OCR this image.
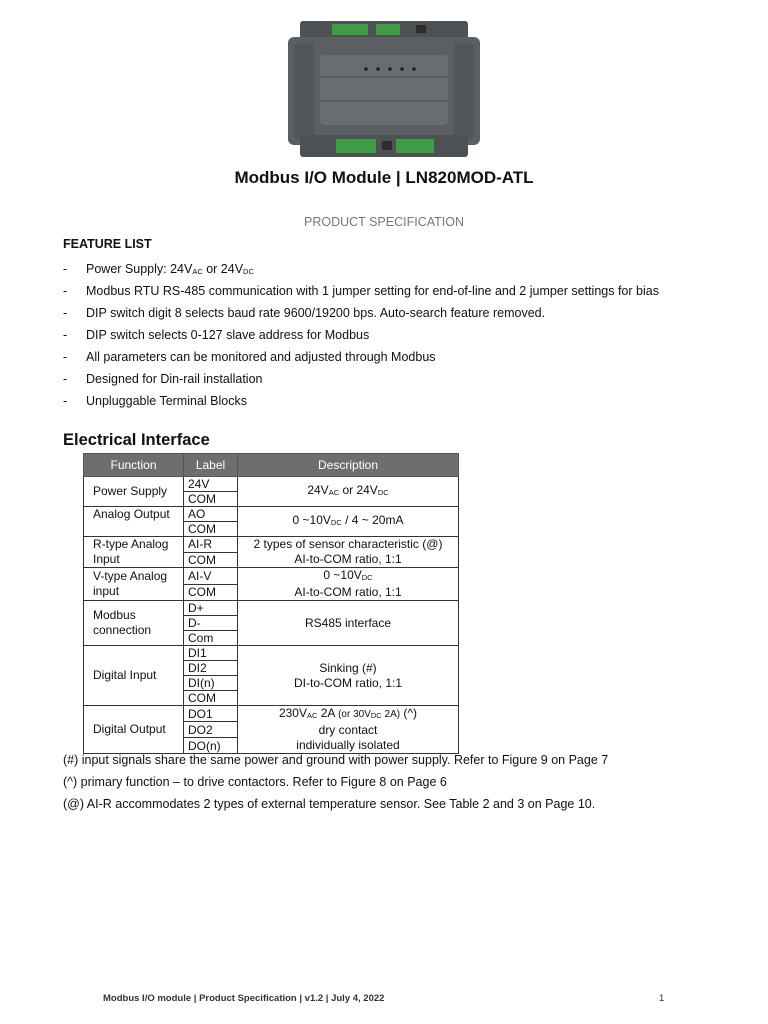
Modbus I/O Module | LN820MOD-ATL
PRODUCT SPECIFICATION
FEATURE LIST
- Power Supply: $24V_{AC}$ or $24V_{DC}$
- Modbus RTU RS-485 communication with 1 jumper setting for end-of-line and 2 jumper settings for bias
- DIP switch digit 8 selects baud rate 9600/19200 bps. Auto-search feature removed.
- DIP switch selects 0-127 slave address for Modbus
- All parameters can be monitored and adjusted through Modbus
- Designed for Din-rail installation
- Unpluggable Terminal Blocks
Electrical Interface
Function	Label	Description
Power Supply	24V	$24V_{AC}$ or $24V_{DC}$
	COM	
Analog Output	AO	0 $\sim 10V_{DC} / 4$ ~ 20mA
	COM	
R-type Analog
Input	AI-R	2 types of sensor characteristic (@)
AI-to-COM ratio, 1:1
	COM	
V-type Analog
input	AI-V	0 $\sim 10V_{DC}$
AI-to-COM ratio, 1:1
	COM	
Modbus
connection	D+	RS485 interface
	D-	
	Com	
Digital Input	DI1	Sinking (#)
DI-to-COM ratio, 1:1
	DI2	
	DI(n)	
	COM	
Digital Output	DO1	$230V_{AC}$ 2A (or $30V_{DC}$ 2A) (^)
dry contact
individually isolated
	DO2	
	DO(n)	
(#) input signals share the same power and ground with power supply. Refer to Figure 9 on Page 7
(^) primary function – to drive contactors. Refer to Figure 8 on Page 6
(@) AI-R accommodates 2 types of external temperature sensor. See Table 2 and 3 on Page 10.
Modbus I/O module | Product Specification | v1.2 | July 4, 2022	1
